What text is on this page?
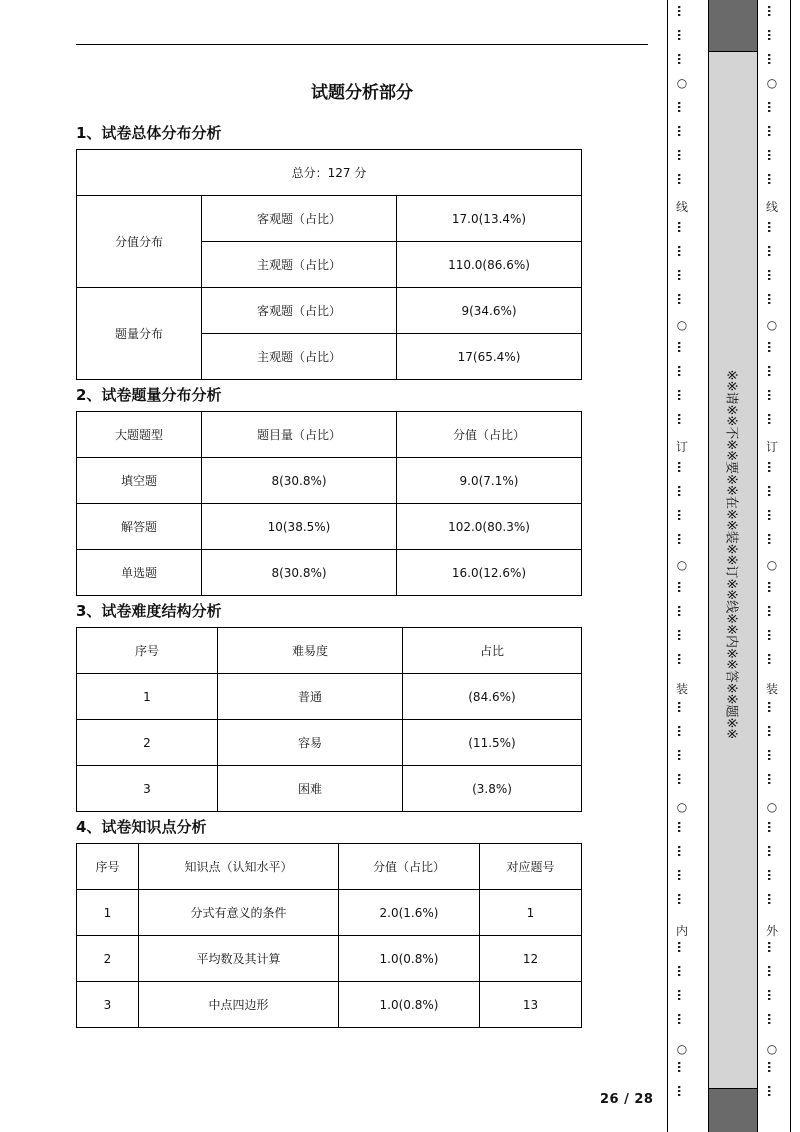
试题分析部分
1、试卷总体分布分析
总分：127 分		
分值分布	客观题（占比）	17.0(13.4%)
	主观题（占比）	110.0(86.6%)
题量分布	客观题（占比）	9(34.6%)
	主观题（占比）	17(65.4%)
2、试卷题量分布分析
大题题型	题目量（占比）	分值（占比）
填空题	8(30.8%)	9.0(7.1%)
解答题	10(38.5%)	102.0(80.3%)
单选题	8(30.8%)	16.0(12.6%)
3、试卷难度结构分析
序号	难易度	占比
1	普通	(84.6%)
2	容易	(11.5%)
3	困难	(3.8%)
4、试卷知识点分析
序号	知识点（认知水平）	分值（占比）	对应题号
1	分式有意义的条件	2.0(1.6%)	1
2	平均数及其计算	1.0(0.8%)	12
3	中点四边形	1.0(0.8%)	13
26 / 28
※※请※※不※※要※※在※※装※※订※※线※※内※※答※※题※※
○
○
○
○
○
线
订
装
内
…
…
…
…
…
…
…
…
…
…
…
…
…
…
…
…
…
…
…
…
…
…
…
…
…
…
…
…
…
…
…
…
…
…
…
…
…
○
○
○
○
○
线
订
装
外
…
…
…
…
…
…
…
…
…
…
…
…
…
…
…
…
…
…
…
…
…
…
…
…
…
…
…
…
…
…
…
…
…
…
…
…
…
